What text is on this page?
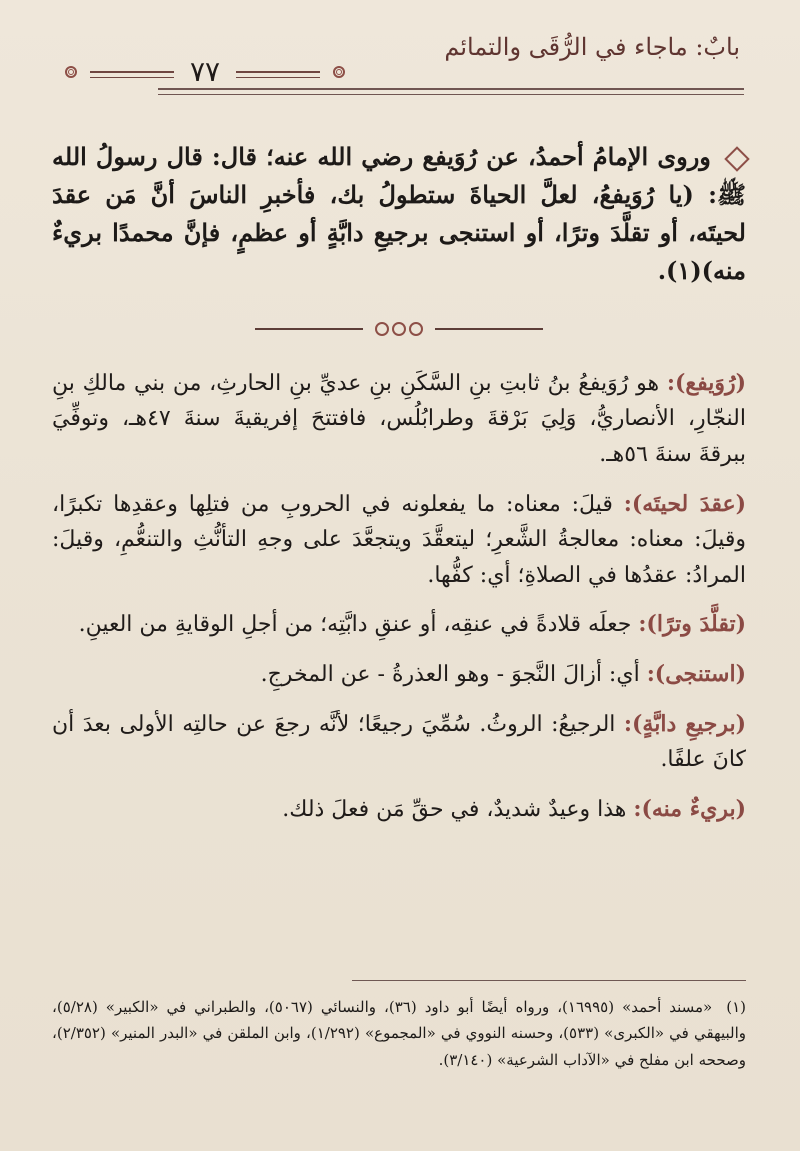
بابٌ: ماجاء في الرُّقَى والتمائم
٧٧
وروى الإمامُ أحمدُ، عن رُوَيفع رضي الله عنه؛ قال: قال رسولُ الله ﷺ: (يا رُوَيفعُ، لعلَّ الحياةَ ستطولُ بك، فأخبرِ الناسَ أنَّ مَن عقدَ لحيتَه، أو تقلَّدَ وترًا، أو استنجى برجيعِ دابَّةٍ أو عظمٍ، فإنَّ محمدًا بريءٌ منه)(١).

(رُوَيفع): هو رُوَيفعُ بنُ ثابتِ بنِ السَّكَنِ بنِ عديِّ بنِ الحارثِ، من بني مالكِ بنِ النجّارِ، الأنصاريُّ، وَلِيَ بَرْقةَ وطرابُلُس، فافتتحَ إفريقيةَ سنةَ ٤٧هـ، وتوفِّيَ ببرقةَ سنةَ ٥٦هـ.

(عقدَ لحيتَه): قيلَ: معناه: ما يفعلونه في الحروبِ من فتلِها وعقدِها تكبرًا، وقيلَ: معناه: معالجةُ الشَّعرِ؛ ليتعقَّدَ ويتجعَّدَ على وجهِ التأنُّثِ والتنعُّمِ، وقيلَ: المرادُ: عقدُها في الصلاةِ؛ أي: كفُّها.

(تقلَّدَ وترًا): جعلَه قلادةً في عنقِه، أو عنقِ دابَّتِه؛ من أجلِ الوقايةِ من العينِ.

(استنجى): أي: أزالَ النَّجوَ - وهو العذرةُ - عن المخرجِ.

(برجيعِ دابَّةٍ): الرجيعُ: الروثُ. سُمِّيَ رجيعًا؛ لأنَّه رجعَ عن حالتِه الأولى بعدَ أن كانَ علفًا.

(بريءٌ منه): هذا وعيدٌ شديدٌ، في حقِّ مَن فعلَ ذلك.

(١) «مسند أحمد» (١٦٩٩٥)، ورواه أيضًا أبو داود (٣٦)، والنسائي (٥٠٦٧)، والطبراني في «الكبير» (٥/٢٨)، والبيهقي في «الكبرى» (٥٣٣)، وحسنه النووي في «المجموع» (١/٢٩٢)، وابن الملقن في «البدر المنير» (٢/٣٥٢)، وصححه ابن مفلح في «الآداب الشرعية» (٣/١٤٠).
